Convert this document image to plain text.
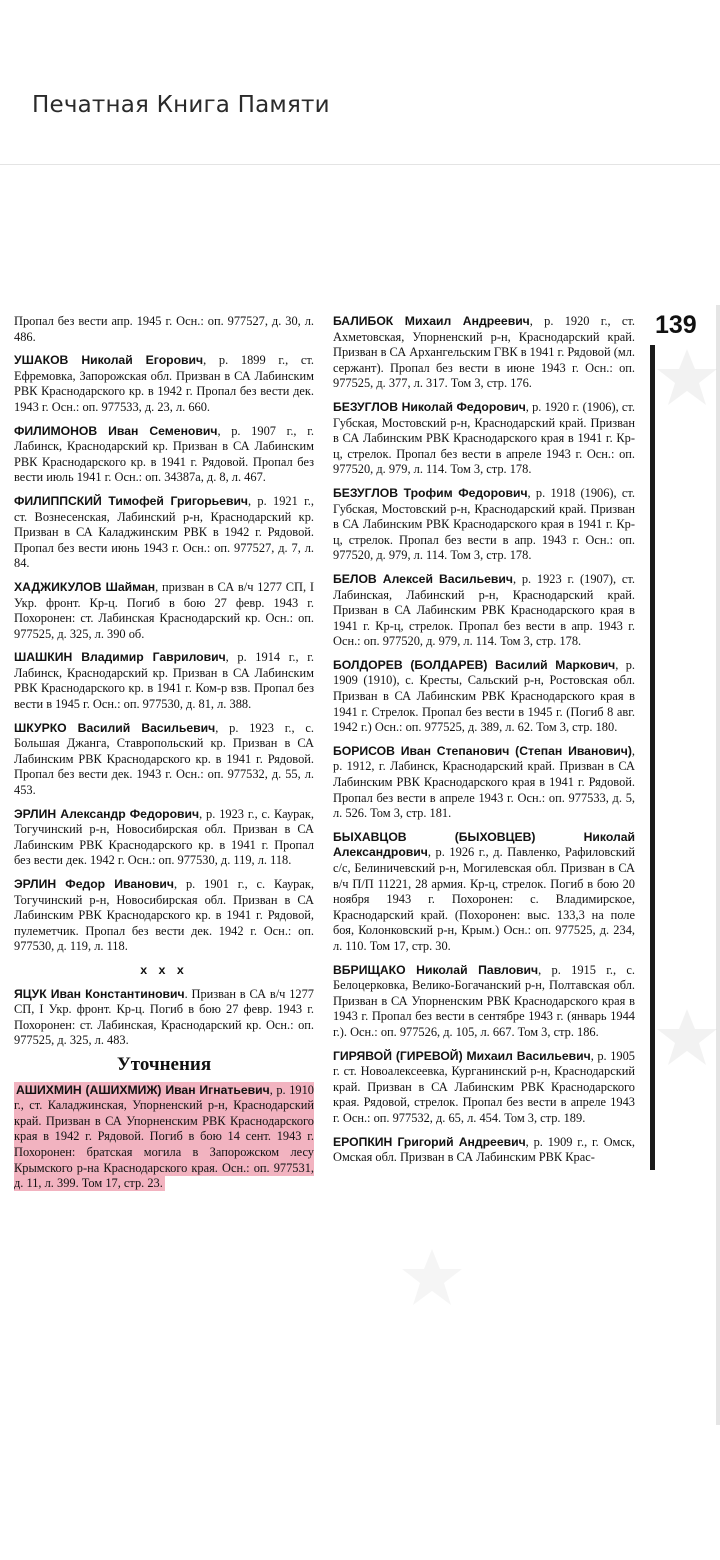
Печатная Книга Памяти
139

Пропал без вести апр. 1945 г. Осн.: оп. 977527, д. 30, л. 486.

УШАКОВ Николай Егорович, р. 1899 г., ст. Ефремовка, Запорожская обл. Призван в СА Лабинским РВК Краснодарского кр. в 1942 г. Пропал без вести дек. 1943 г. Осн.: оп. 977533, д. 23, л. 660.

ФИЛИМОНОВ Иван Семенович, р. 1907 г., г. Лабинск, Краснодарский кр. Призван в СА Лабинским РВК Краснодарского кр. в 1941 г. Рядовой. Пропал без вести июль 1941 г. Осн.: оп. 34387а, д. 8, л. 467.

ФИЛИППСКИЙ Тимофей Григорьевич, р. 1921 г., ст. Вознесенская, Лабинский р-н, Краснодарский кр. Призван в СА Каладжинским РВК в 1942 г. Рядовой. Пропал без вести июнь 1943 г. Осн.: оп. 977527, д. 7, л. 84.

ХАДЖИКУЛОВ Шайман, призван в СА в/ч 1277 СП, I Укр. фронт. Кр-ц. Погиб в бою 27 февр. 1943 г. Похоронен: ст. Лабинская Краснодарский кр. Осн.: оп. 977525, д. 325, л. 390 об.

ШАШКИН Владимир Гаврилович, р. 1914 г., г. Лабинск, Краснодарский кр. Призван в СА Лабинским РВК Краснодарского кр. в 1941 г. Ком-р взв. Пропал без вести в 1945 г. Осн.: оп. 977530, д. 81, л. 388.

ШКУРКО Василий Васильевич, р. 1923 г., с. Большая Джанга, Ставропольский кр. Призван в СА Лабинским РВК Краснодарского кр. в 1941 г. Рядовой. Пропал без вести дек. 1943 г. Осн.: оп. 977532, д. 55, л. 453.

ЭРЛИН Александр Федорович, р. 1923 г., с. Каурак, Тогучинский р-н, Новосибирская обл. Призван в СА Лабинским РВК Краснодарского кр. в 1941 г. Пропал без вести дек. 1942 г. Осн.: оп. 977530, д. 119, л. 118.

ЭРЛИН Федор Иванович, р. 1901 г., с. Каурак, Тогучинский р-н, Новосибирская обл. Призван в СА Лабинским РВК Краснодарского кр. в 1941 г. Рядовой, пулеметчик. Пропал без вести дек. 1942 г. Осн.: оп. 977530, д. 119, л. 118.

х х х

ЯЦУК Иван Константинович. Призван в СА в/ч 1277 СП, I Укр. фронт. Кр-ц. Погиб в бою 27 февр. 1943 г. Похоронен: ст. Лабинская, Краснодарский кр. Осн.: оп. 977525, д. 325, л. 483.

Уточнения

АШИХМИН (АШИХМИЖ) Иван Игнатьевич, р. 1910 г., ст. Каладжинская, Упорненский р-н, Краснодарский край. Призван в СА Упорненским РВК Краснодарского края в 1942 г. Рядовой. Погиб в бою 14 сент. 1943 г. Похоронен: братская могила в Запорожском лесу Крымского р-на Краснодарского края. Осн.: оп. 977531, д. 11, л. 399. Том 17, стр. 23.

БАЛИБОК Михаил Андреевич, р. 1920 г., ст. Ахметовская, Упорненский р-н, Краснодарский край. Призван в СА Архангельским ГВК в 1941 г. Рядовой (мл. сержант). Пропал без вести в июне 1943 г. Осн.: оп. 977525, д. 377, л. 317. Том 3, стр. 176.

БЕЗУГЛОВ Николай Федорович, р. 1920 г. (1906), ст. Губская, Мостовский р-н, Краснодарский край. Призван в СА Лабинским РВК Краснодарского края в 1941 г. Кр-ц, стрелок. Пропал без вести в апреле 1943 г. Осн.: оп. 977520, д. 979, л. 114. Том 3, стр. 178.

БЕЗУГЛОВ Трофим Федорович, р. 1918 (1906), ст. Губская, Мостовский р-н, Краснодарский край. Призван в СА Лабинским РВК Краснодарского края в 1941 г. Кр-ц, стрелок. Пропал без вести в апр. 1943 г. Осн.: оп. 977520, д. 979, л. 114. Том 3, стр. 178.

БЕЛОВ Алексей Васильевич, р. 1923 г. (1907), ст. Лабинская, Лабинский р-н, Краснодарский край. Призван в СА Лабинским РВК Краснодарского края в 1941 г. Кр-ц, стрелок. Пропал без вести в апр. 1943 г. Осн.: оп. 977520, д. 979, л. 114. Том 3, стр. 178.

БОЛДОРЕВ (БОЛДАРЕВ) Василий Маркович, р. 1909 (1910), с. Кресты, Сальский р-н, Ростовская обл. Призван в СА Лабинским РВК Краснодарского края в 1941 г. Стрелок. Пропал без вести в 1945 г. (Погиб 8 авг. 1942 г.) Осн.: оп. 977525, д. 389, л. 62. Том 3, стр. 180.

БОРИСОВ Иван Степанович (Степан Иванович), р. 1912, г. Лабинск, Краснодарский край. Призван в СА Лабинским РВК Краснодарского края в 1941 г. Рядовой. Пропал без вести в апреле 1943 г. Осн.: оп. 977533, д. 5, л. 526. Том 3, стр. 181.

БЫХАВЦОВ (БЫХОВЦЕВ) Николай Александрович, р. 1926 г., д. Павленко, Рафиловский с/с, Белиничевский р-н, Могилевская обл. Призван в СА в/ч П/П 11221, 28 армия. Кр-ц, стрелок. Погиб в бою 20 ноября 1943 г. Похоронен: с. Владимирское, Краснодарский край. (Похоронен: выс. 133,3 на поле боя, Колонковский р-н, Крым.) Осн.: оп. 977525, д. 234, л. 110. Том 17, стр. 30.

ВБРИЩАКО Николай Павлович, р. 1915 г., с. Белоцерковка, Велико-Богачанский р-н, Полтавская обл. Призван в СА Упорненским РВК Краснодарского края в 1943 г. Пропал без вести в сентябре 1943 г. (январь 1944 г.). Осн.: оп. 977526, д. 105, л. 667. Том 3, стр. 186.

ГИРЯВОЙ (ГИРЕВОЙ) Михаил Васильевич, р. 1905 г. ст. Новоалексеевка, Курганинский р-н, Краснодарский край. Призван в СА Лабинским РВК Краснодарского края. Рядовой, стрелок. Пропал без вести в апреле 1943 г. Осн.: оп. 977532, д. 65, л. 454. Том 3, стр. 189.

ЕРОПКИН Григорий Андреевич, р. 1909 г., г. Омск, Омская обл. Призван в СА Лабинским РВК Крас-
